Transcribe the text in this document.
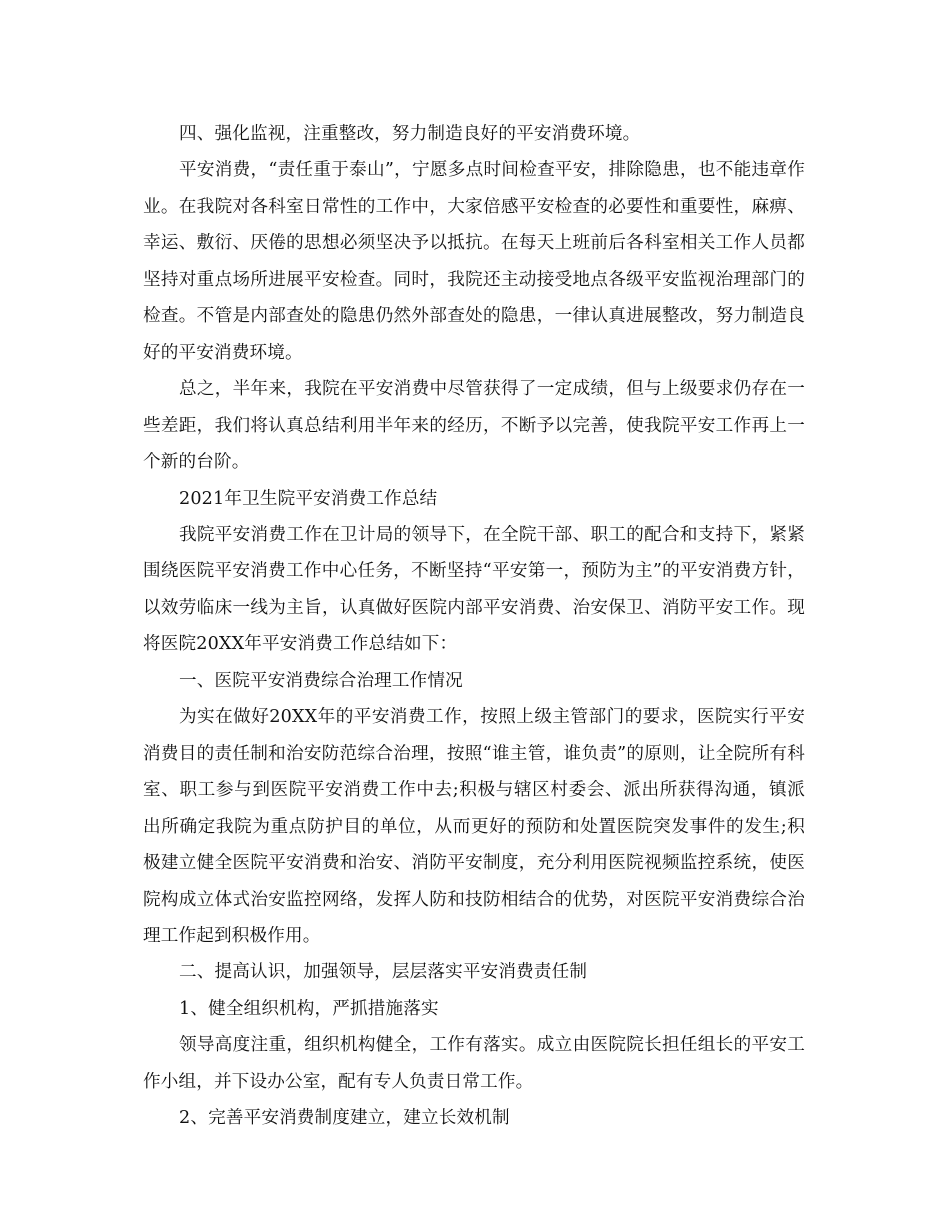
四、强化监视，注重整改，努力制造良好的平安消费环境。

平安消费，“责任重于泰山”，宁愿多点时间检查平安，排除隐患，也不能违章作业。在我院对各科室日常性的工作中，大家倍感平安检查的必要性和重要性，麻痹、幸运、敷衍、厌倦的思想必须坚决予以抵抗。在每天上班前后各科室相关工作人员都坚持对重点场所进展平安检查。同时，我院还主动接受地点各级平安监视治理部门的检查。不管是内部查处的隐患仍然外部查处的隐患，一律认真进展整改，努力制造良好的平安消费环境。

总之，半年来，我院在平安消费中尽管获得了一定成绩，但与上级要求仍存在一些差距，我们将认真总结利用半年来的经历，不断予以完善，使我院平安工作再上一个新的台阶。

2021年卫生院平安消费工作总结

我院平安消费工作在卫计局的领导下，在全院干部、职工的配合和支持下，紧紧围绕医院平安消费工作中心任务，不断坚持“平安第一，预防为主”的平安消费方针，以效劳临床一线为主旨，认真做好医院内部平安消费、治安保卫、消防平安工作。现将医院20XX年平安消费工作总结如下：

一、医院平安消费综合治理工作情况

为实在做好20XX年的平安消费工作，按照上级主管部门的要求，医院实行平安消费目的责任制和治安防范综合治理，按照“谁主管，谁负责”的原则，让全院所有科室、职工参与到医院平安消费工作中去;积极与辖区村委会、派出所获得沟通，镇派出所确定我院为重点防护目的单位，从而更好的预防和处置医院突发事件的发生;积极建立健全医院平安消费和治安、消防平安制度，充分利用医院视频监控系统，使医院构成立体式治安监控网络，发挥人防和技防相结合的优势，对医院平安消费综合治理工作起到积极作用。

二、提高认识，加强领导，层层落实平安消费责任制

1、健全组织机构，严抓措施落实

领导高度注重，组织机构健全，工作有落实。成立由医院院长担任组长的平安工作小组，并下设办公室，配有专人负责日常工作。

2、完善平安消费制度建立，建立长效机制
